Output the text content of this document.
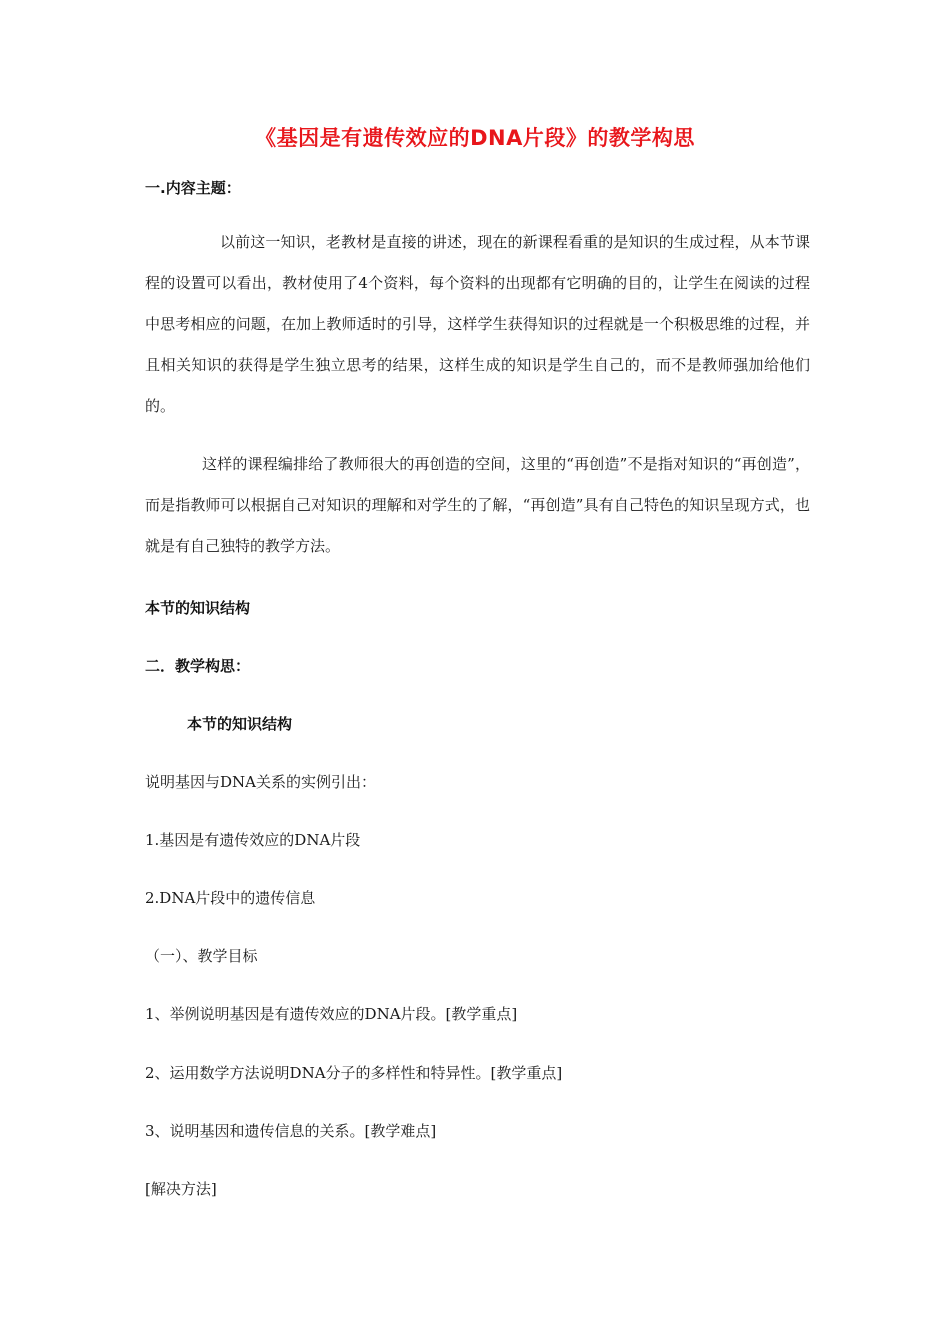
《基因是有遗传效应的DNA片段》的教学构思
一.内容主题：
以前这一知识，老教材是直接的讲述，现在的新课程看重的是知识的生成过程，从本节课程的设置可以看出，教材使用了4个资料，每个资料的出现都有它明确的目的，让学生在阅读的过程中思考相应的问题，在加上教师适时的引导，这样学生获得知识的过程就是一个积极思维的过程，并且相关知识的获得是学生独立思考的结果，这样生成的知识是学生自己的，而不是教师强加给他们的。
这样的课程编排给了教师很大的再创造的空间，这里的“再创造”不是指对知识的“再创造”，而是指教师可以根据自己对知识的理解和对学生的了解，“再创造”具有自己特色的知识呈现方式，也就是有自己独特的教学方法。
本节的知识结构
二．教学构思：
本节的知识结构
说明基因与DNA关系的实例引出：
1.基因是有遗传效应的DNA片段
2.DNA片段中的遗传信息
（一）、教学目标
1、举例说明基因是有遗传效应的DNA片段。[教学重点]
2、运用数学方法说明DNA分子的多样性和特异性。[教学重点]
3、说明基因和遗传信息的关系。[教学难点]
[解决方法]
